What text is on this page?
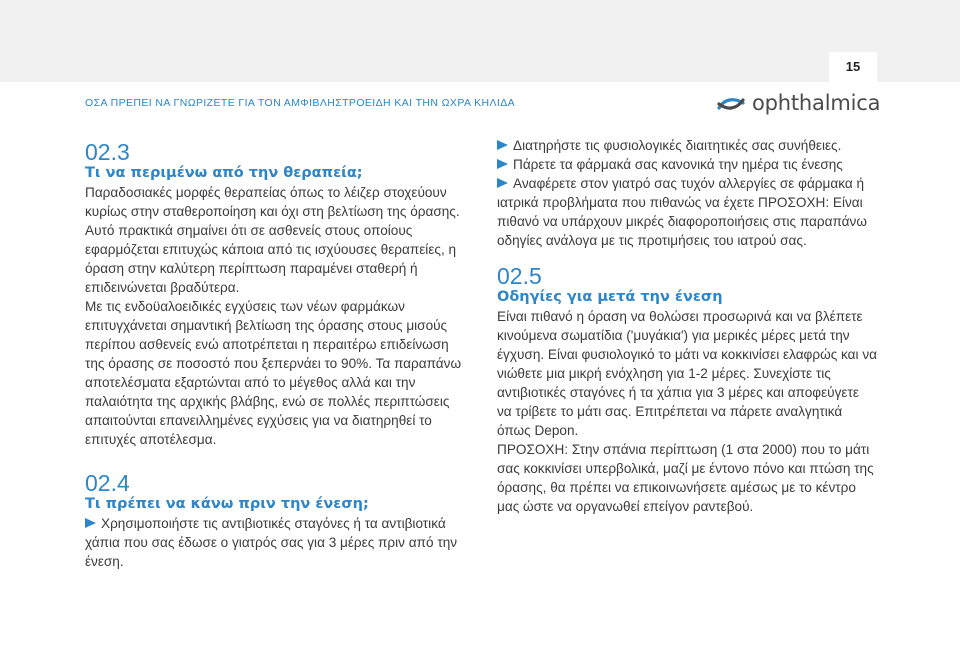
15
ΟΣΑ ΠΡΕΠΕΙ ΝΑ ΓΝΩΡΙΖΕΤΕ ΓΙΑ ΤΟΝ ΑΜΦΙΒΛΗΣΤΡΟΕΙΔΗ ΚΑΙ ΤΗΝ ΩΧΡΑ ΚΗΛΙΔΑ	ophthalmica
02.3
Τι να περιμένω από την θεραπεία;

Παραδοσιακές μορφές θεραπείας όπως το λέιζερ στοχεύουν κυρίως στην σταθεροποίηση και όχι στη βελτίωση της όρασης. Αυτό πρακτικά σημαίνει ότι σε ασθενείς στους οποίους εφαρμόζεται επιτυχώς κάποια από τις ισχύουσες θεραπείες, η όραση στην καλύτερη περίπτωση παραμένει σταθερή ή επιδεινώνεται βραδύτερα.

Με τις ενδοϋαλοειδικές εγχύσεις των νέων φαρμάκων επιτυγχάνεται σημαντική βελτίωση της όρασης στους μισούς περίπου ασθενείς ενώ αποτρέπεται η περαιτέρω επιδείνωση της όρασης σε ποσοστό που ξεπερνάει το 90%. Τα παραπάνω αποτελέσματα εξαρτώνται από το μέγεθος αλλά και την παλαιότητα της αρχικής βλάβης, ενώ σε πολλές περιπτώσεις απαιτούνται επανειλλημένες εγχύσεις για να διατηρηθεί το επιτυχές αποτέλεσμα.

02.4
Τι πρέπει να κάνω πριν την ένεση;

Χρησιμοποιήστε τις αντιβιοτικές σταγόνες ή τα αντιβιοτικά χάπια που σας έδωσε ο γιατρός σας για 3 μέρες πριν από την ένεση.

Διατηρήστε τις φυσιολογικές διαιτητικές σας συνήθειες.

Πάρετε τα φάρμακά σας κανονικά την ημέρα τις ένεσης

Αναφέρετε στον γιατρό σας τυχόν αλλεργίες σε φάρμακα ή ιατρικά προβλήματα που πιθανώς να έχετε ΠΡΟΣΟΧΗ: Είναι πιθανό να υπάρχουν μικρές διαφοροποιήσεις στις παραπάνω οδηγίες ανάλογα με τις προτιμήσεις του ιατρού σας.

02.5
Οδηγίες για μετά την ένεση

Είναι πιθανό η όραση να θολώσει προσωρινά και να βλέπετε κινούμενα σωματίδια ('μυγάκια') για μερικές μέρες μετά την έγχυση. Είναι φυσιολογικό το μάτι να κοκκινίσει ελαφρώς και να νιώθετε μια μικρή ενόχληση για 1-2 μέρες. Συνεχίστε τις αντιβιοτικές σταγόνες ή τα χάπια για 3 μέρες και αποφεύγετε να τρίβετε το μάτι σας. Επιτρέπεται να πάρετε αναλγητικά όπως Depon.

ΠΡΟΣΟΧΗ: Στην σπάνια περίπτωση (1 στα 2000) που το μάτι σας κοκκινίσει υπερβολικά, μαζί με έντονο πόνο και πτώση της όρασης, θα πρέπει να επικοινωνήσετε αμέσως με το κέντρο μας ώστε να οργανωθεί επείγον ραντεβού.
